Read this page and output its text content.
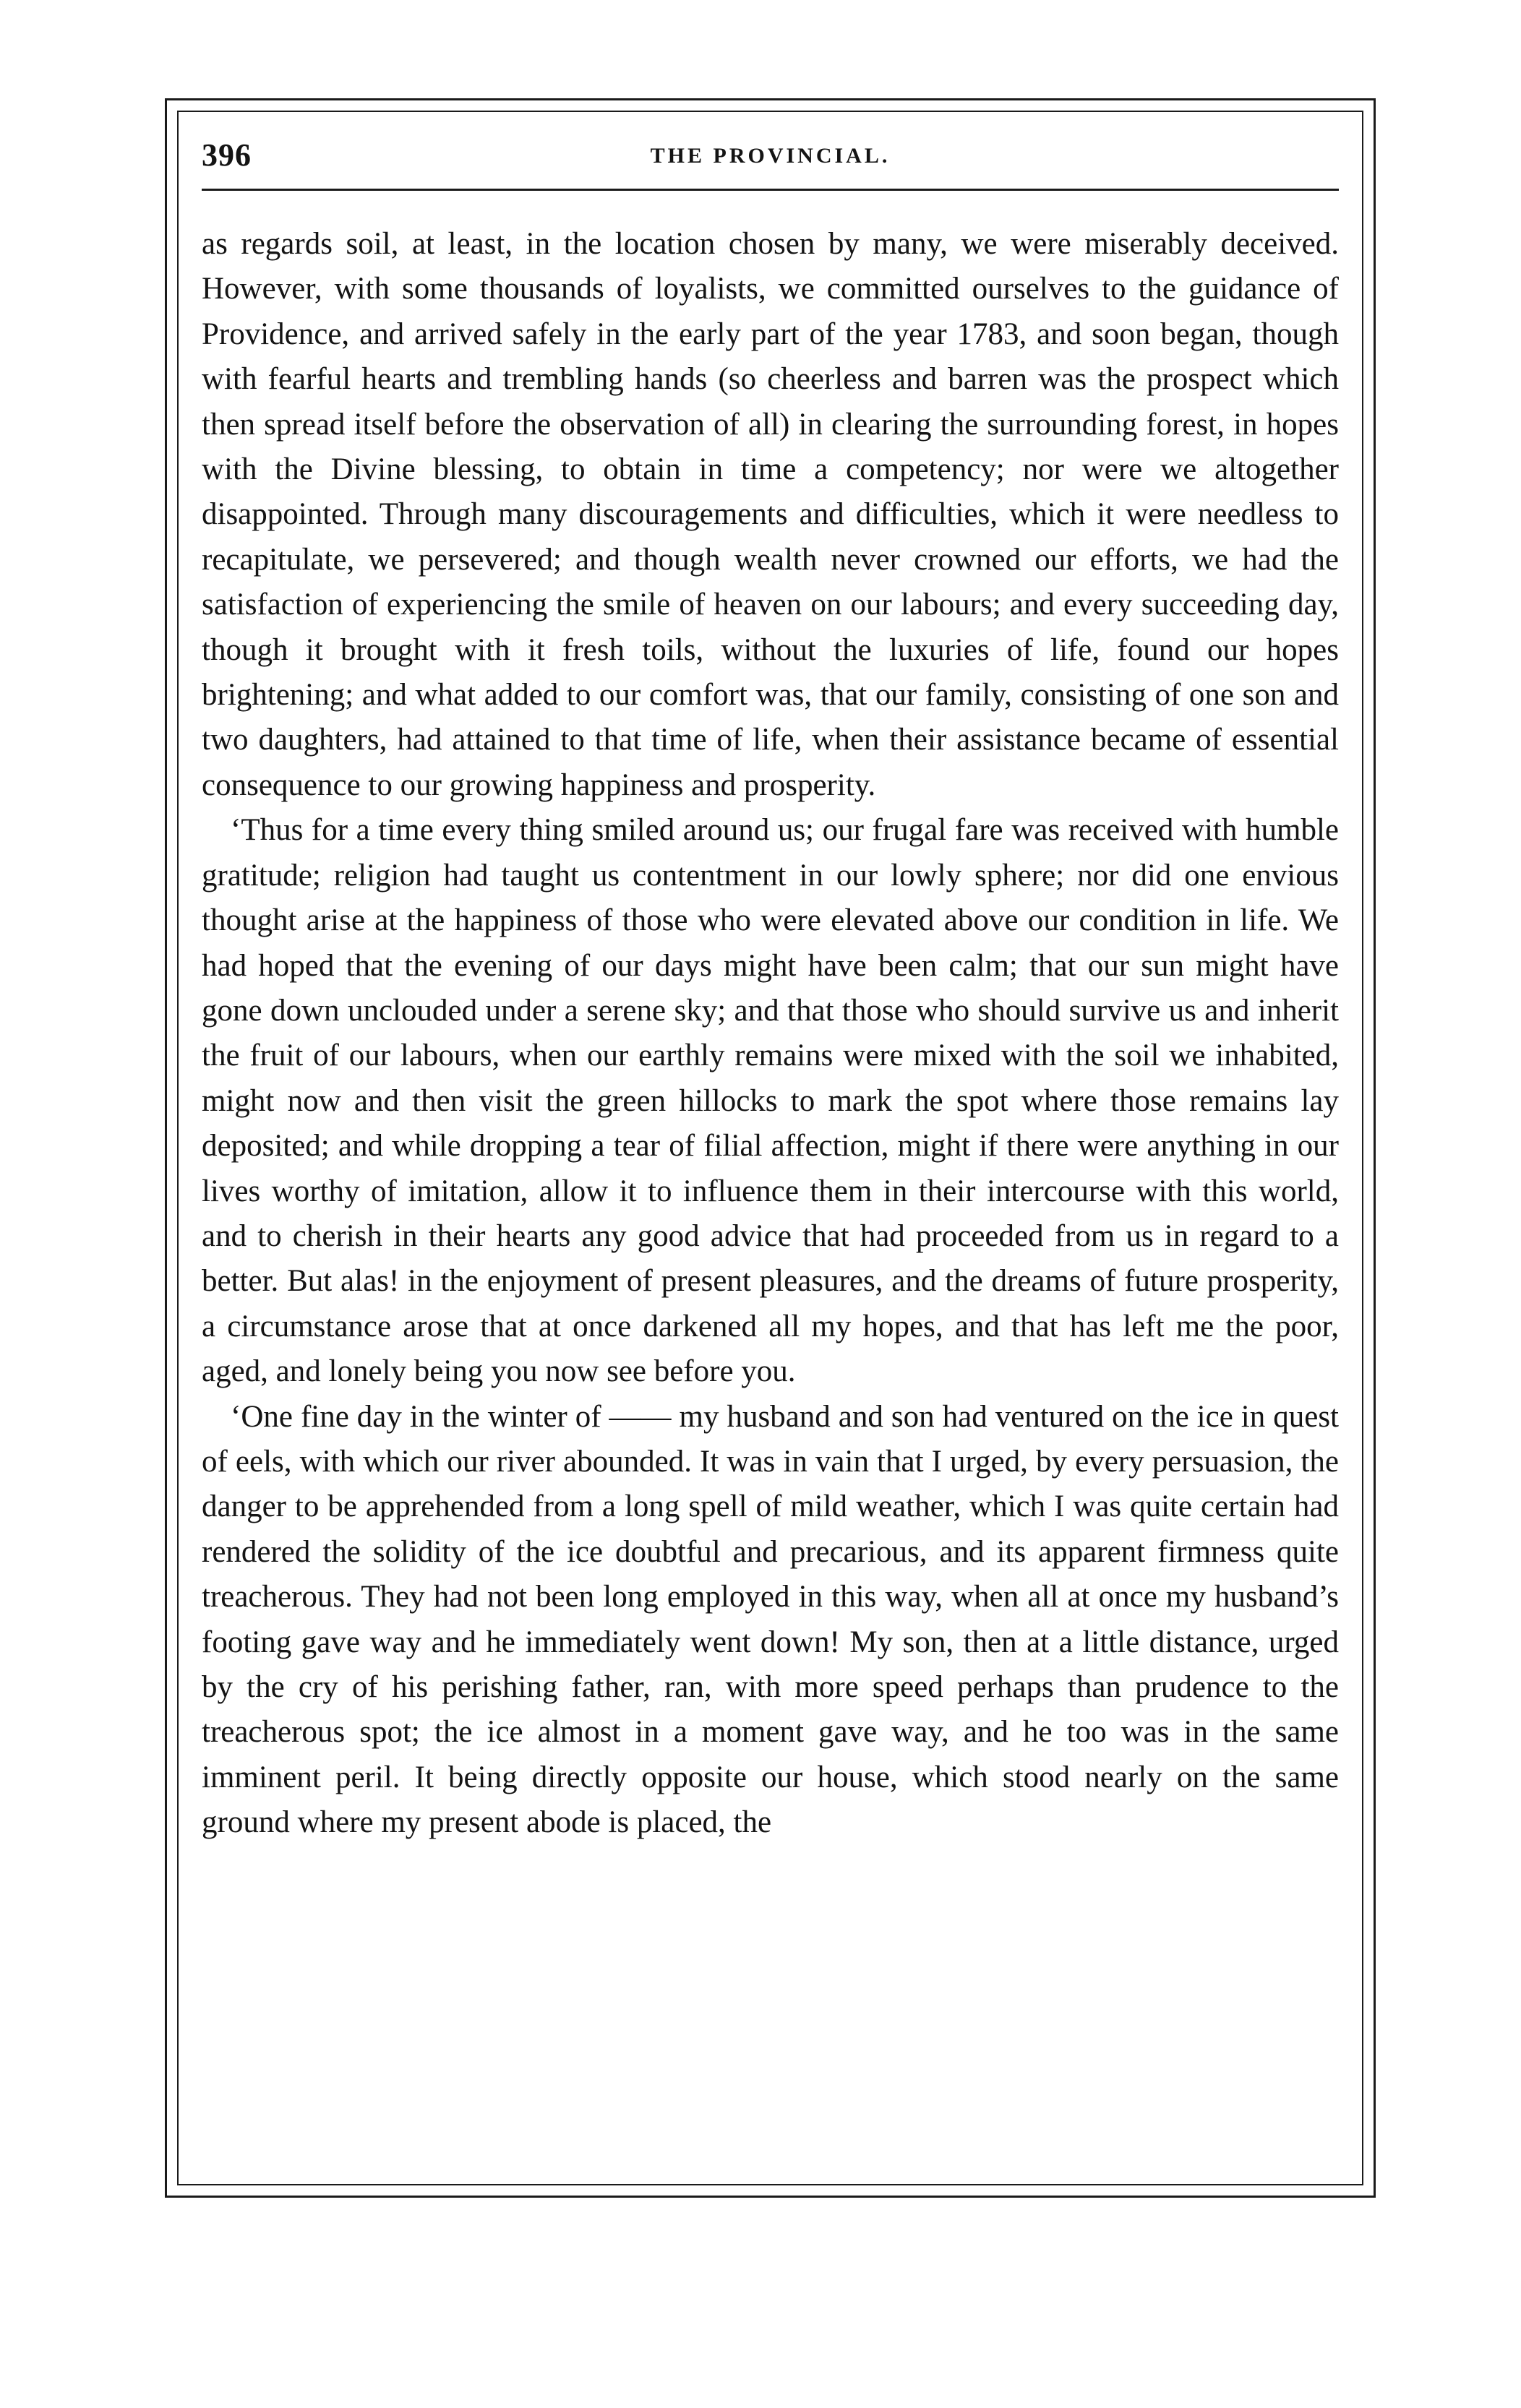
396	THE PROVINCIAL.

as regards soil, at least, in the location chosen by many, we were miserably deceived. However, with some thousands of loyalists, we committed ourselves to the guidance of Providence, and arrived safely in the early part of the year 1783, and soon began, though with fearful hearts and trembling hands (so cheerless and barren was the prospect which then spread itself before the observation of all) in clearing the surrounding forest, in hopes with the Divine blessing, to obtain in time a competency; nor were we altogether disappointed. Through many discouragements and difficulties, which it were needless to recapitulate, we persevered; and though wealth never crowned our efforts, we had the satisfaction of experiencing the smile of heaven on our labours; and every succeeding day, though it brought with it fresh toils, without the luxuries of life, found our hopes brightening; and what added to our comfort was, that our family, consisting of one son and two daughters, had attained to that time of life, when their assistance became of essential consequence to our growing happiness and prosperity.

‘Thus for a time every thing smiled around us; our frugal fare was received with humble gratitude; religion had taught us contentment in our lowly sphere; nor did one envious thought arise at the happiness of those who were elevated above our condition in life. We had hoped that the evening of our days might have been calm; that our sun might have gone down unclouded under a serene sky; and that those who should survive us and inherit the fruit of our labours, when our earthly remains were mixed with the soil we inhabited, might now and then visit the green hillocks to mark the spot where those remains lay deposited; and while dropping a tear of filial affection, might if there were anything in our lives worthy of imitation, allow it to influence them in their intercourse with this world, and to cherish in their hearts any good advice that had proceeded from us in regard to a better. But alas! in the enjoyment of present pleasures, and the dreams of future prosperity, a circumstance arose that at once darkened all my hopes, and that has left me the poor, aged, and lonely being you now see before you.

‘One fine day in the winter of —— my husband and son had ventured on the ice in quest of eels, with which our river abounded. It was in vain that I urged, by every persuasion, the danger to be apprehended from a long spell of mild weather, which I was quite certain had rendered the solidity of the ice doubtful and precarious, and its apparent firmness quite treacherous. They had not been long employed in this way, when all at once my husband’s footing gave way and he immediately went down! My son, then at a little distance, urged by the cry of his perishing father, ran, with more speed perhaps than prudence to the treacherous spot; the ice almost in a moment gave way, and he too was in the same imminent peril. It being directly opposite our house, which stood nearly on the same ground where my present abode is placed, the
